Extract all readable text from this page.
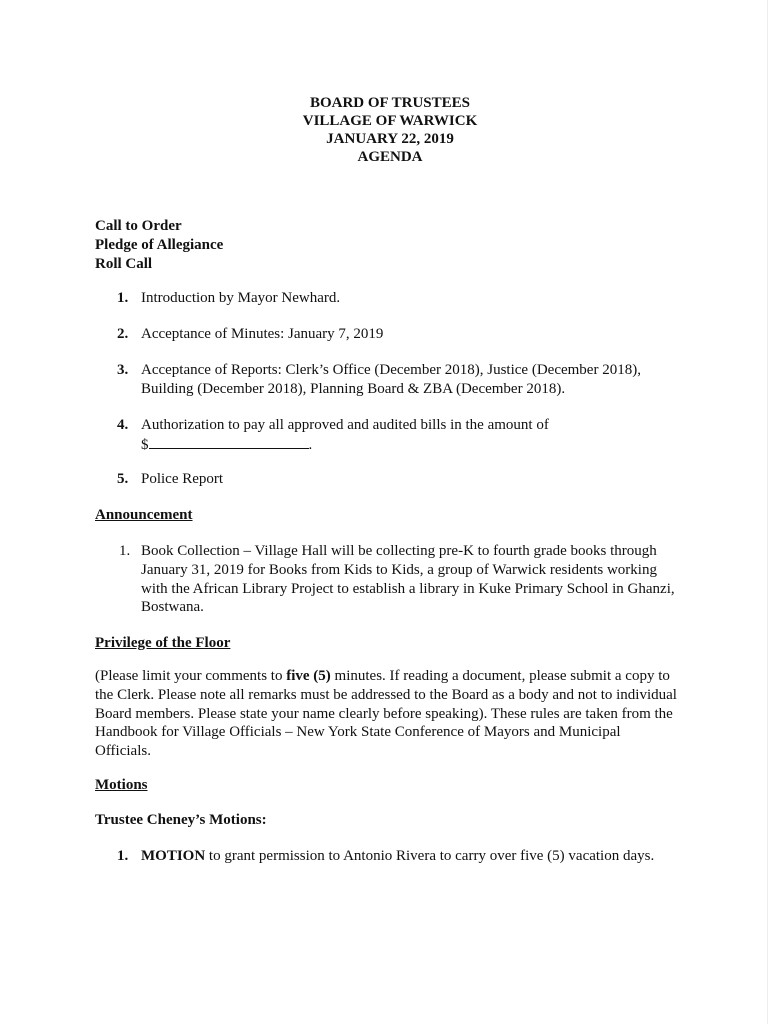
BOARD OF TRUSTEES
VILLAGE OF WARWICK
JANUARY 22, 2019
AGENDA
Call to Order
Pledge of Allegiance
Roll Call
1. Introduction by Mayor Newhard.
2. Acceptance of Minutes: January 7, 2019
3. Acceptance of Reports: Clerk’s Office (December 2018), Justice (December 2018),
Building (December 2018), Planning Board & ZBA (December 2018).
4. Authorization to pay all approved and audited bills in the amount of
$	.
5. Police Report
Announcement
1. Book Collection – Village Hall will be collecting pre-K to fourth grade books through
January 31, 2019 for Books from Kids to Kids, a group of Warwick residents working
with the African Library Project to establish a library in Kuke Primary School in Ghanzi,
Bostwana.
Privilege of the Floor
(Please limit your comments to five (5) minutes. If reading a document, please submit a copy to
the Clerk. Please note all remarks must be addressed to the Board as a body and not to individual
Board members. Please state your name clearly before speaking). These rules are taken from the
Handbook for Village Officials – New York State Conference of Mayors and Municipal
Officials.
Motions
Trustee Cheney’s Motions:
1. MOTION to grant permission to Antonio Rivera to carry over five (5) vacation days.
